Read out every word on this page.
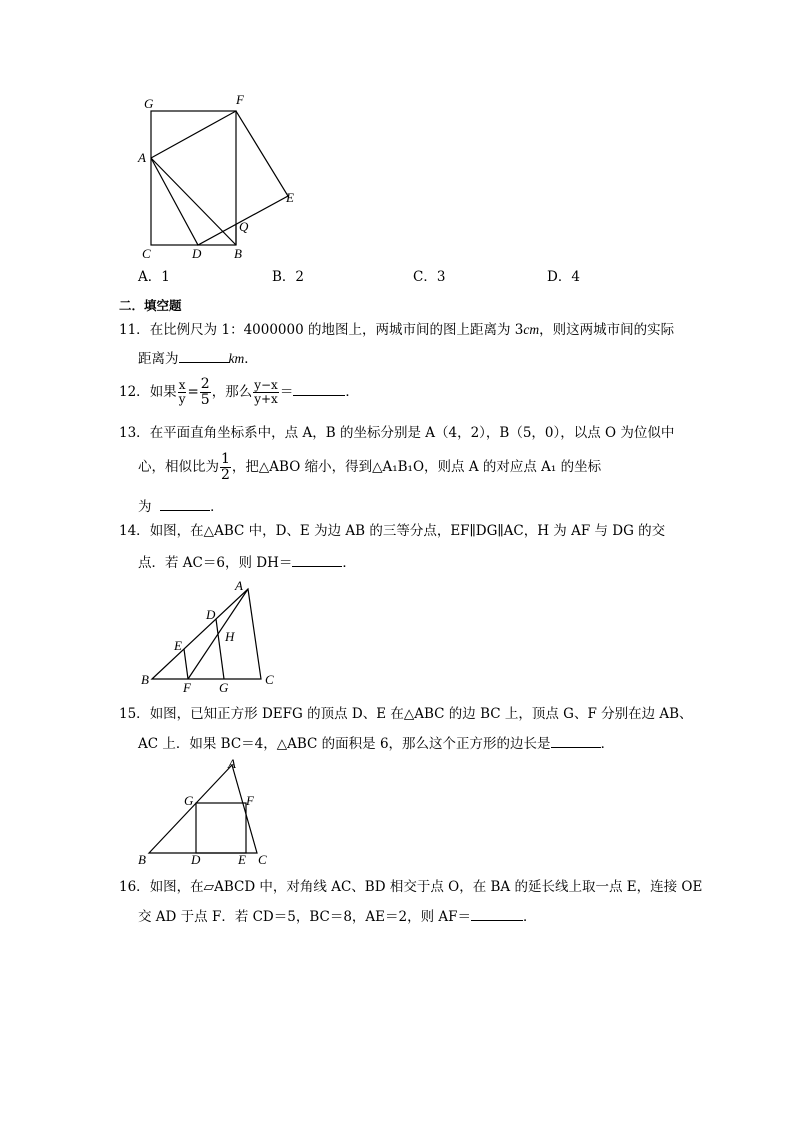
G	F
A
E
Q
C	D	B
A．1	B．2	C．3	D．4
二．填空题
11．在比例尺为 1：4000000 的地图上，两城市间的图上距离为 3cm，则这两城市间的实际
距离为	km．
12．如果 $\frac{x}{y} = \frac{2}{5}$ ，那么 $\frac{y-x}{y+x}$ ＝	．
13．在平面直角坐标系中，点 A，B 的坐标分别是 A（4，2），B（5，0），以点 O 为位似中
心，相似比为 $\frac{1}{2}$ ，把△ABO 缩小，得到△A₁B₁O，则点 A 的对应点 A₁ 的坐标
为	．
14．如图，在△ABC 中，D、E 为边 AB 的三等分点，EF∥DG∥AC，H 为 AF 与 DG 的交
点．若 AC＝6，则 DH＝	．
A
D
H
E
B
F G
C
15．如图，已知正方形 DEFG 的顶点 D、E 在△ABC 的边 BC 上，顶点 G、F 分别在边 AB、
AC 上．如果 BC＝4，△ABC 的面积是 6，那么这个正方形的边长是	．
A
G	F
B	D	E C
16．如图，在▱ABCD 中，对角线 AC、BD 相交于点 O，在 BA 的延长线上取一点 E，连接 OE
交 AD 于点 F．若 CD＝5，BC＝8，AE＝2，则 AF＝	．
